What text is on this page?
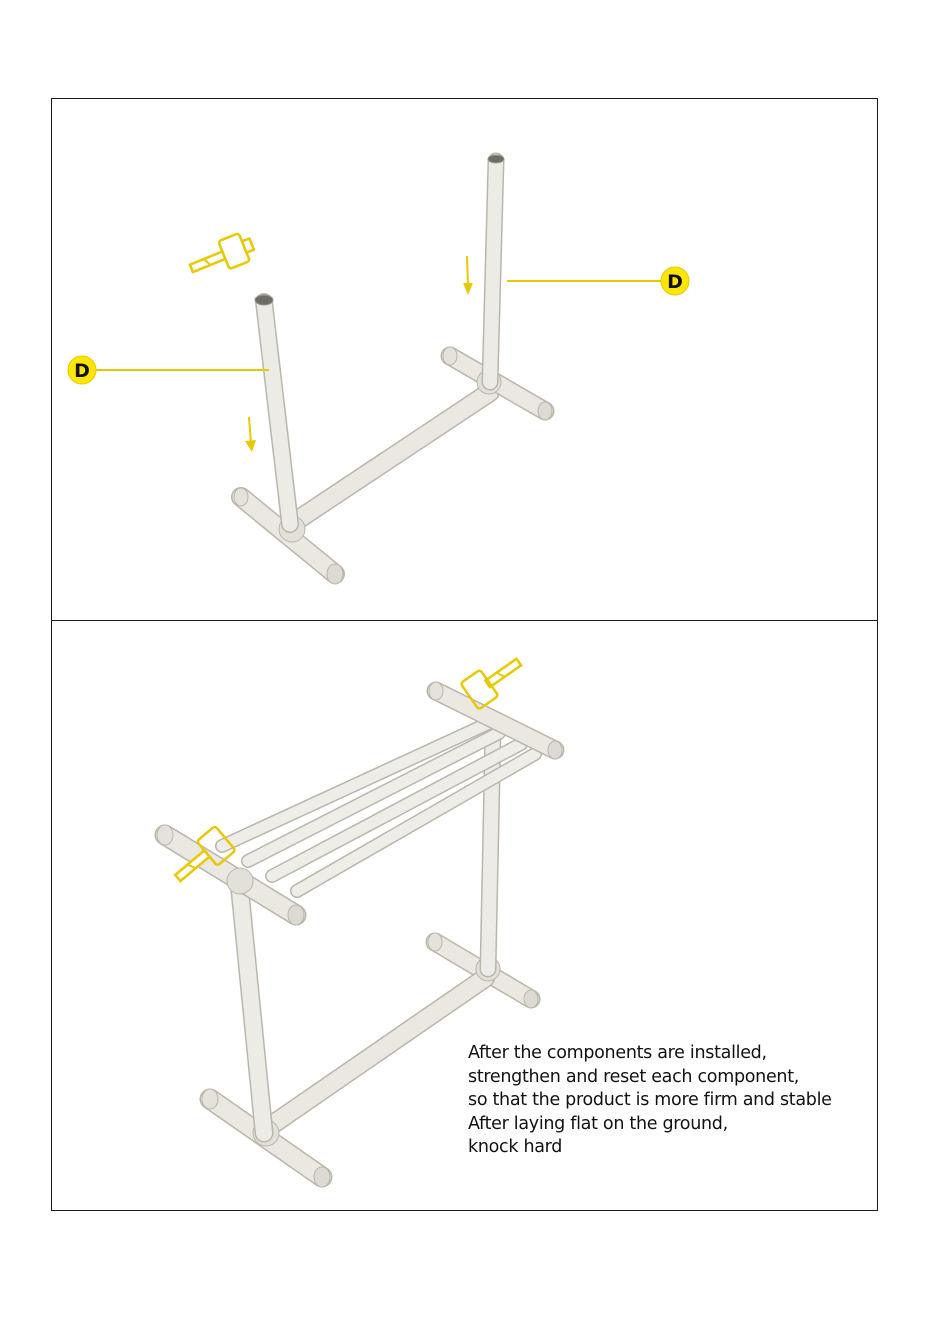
D
D
After the components are installed,
strengthen and reset each component,
so that the product is more firm and stable
After laying flat on the ground,
knock hard
